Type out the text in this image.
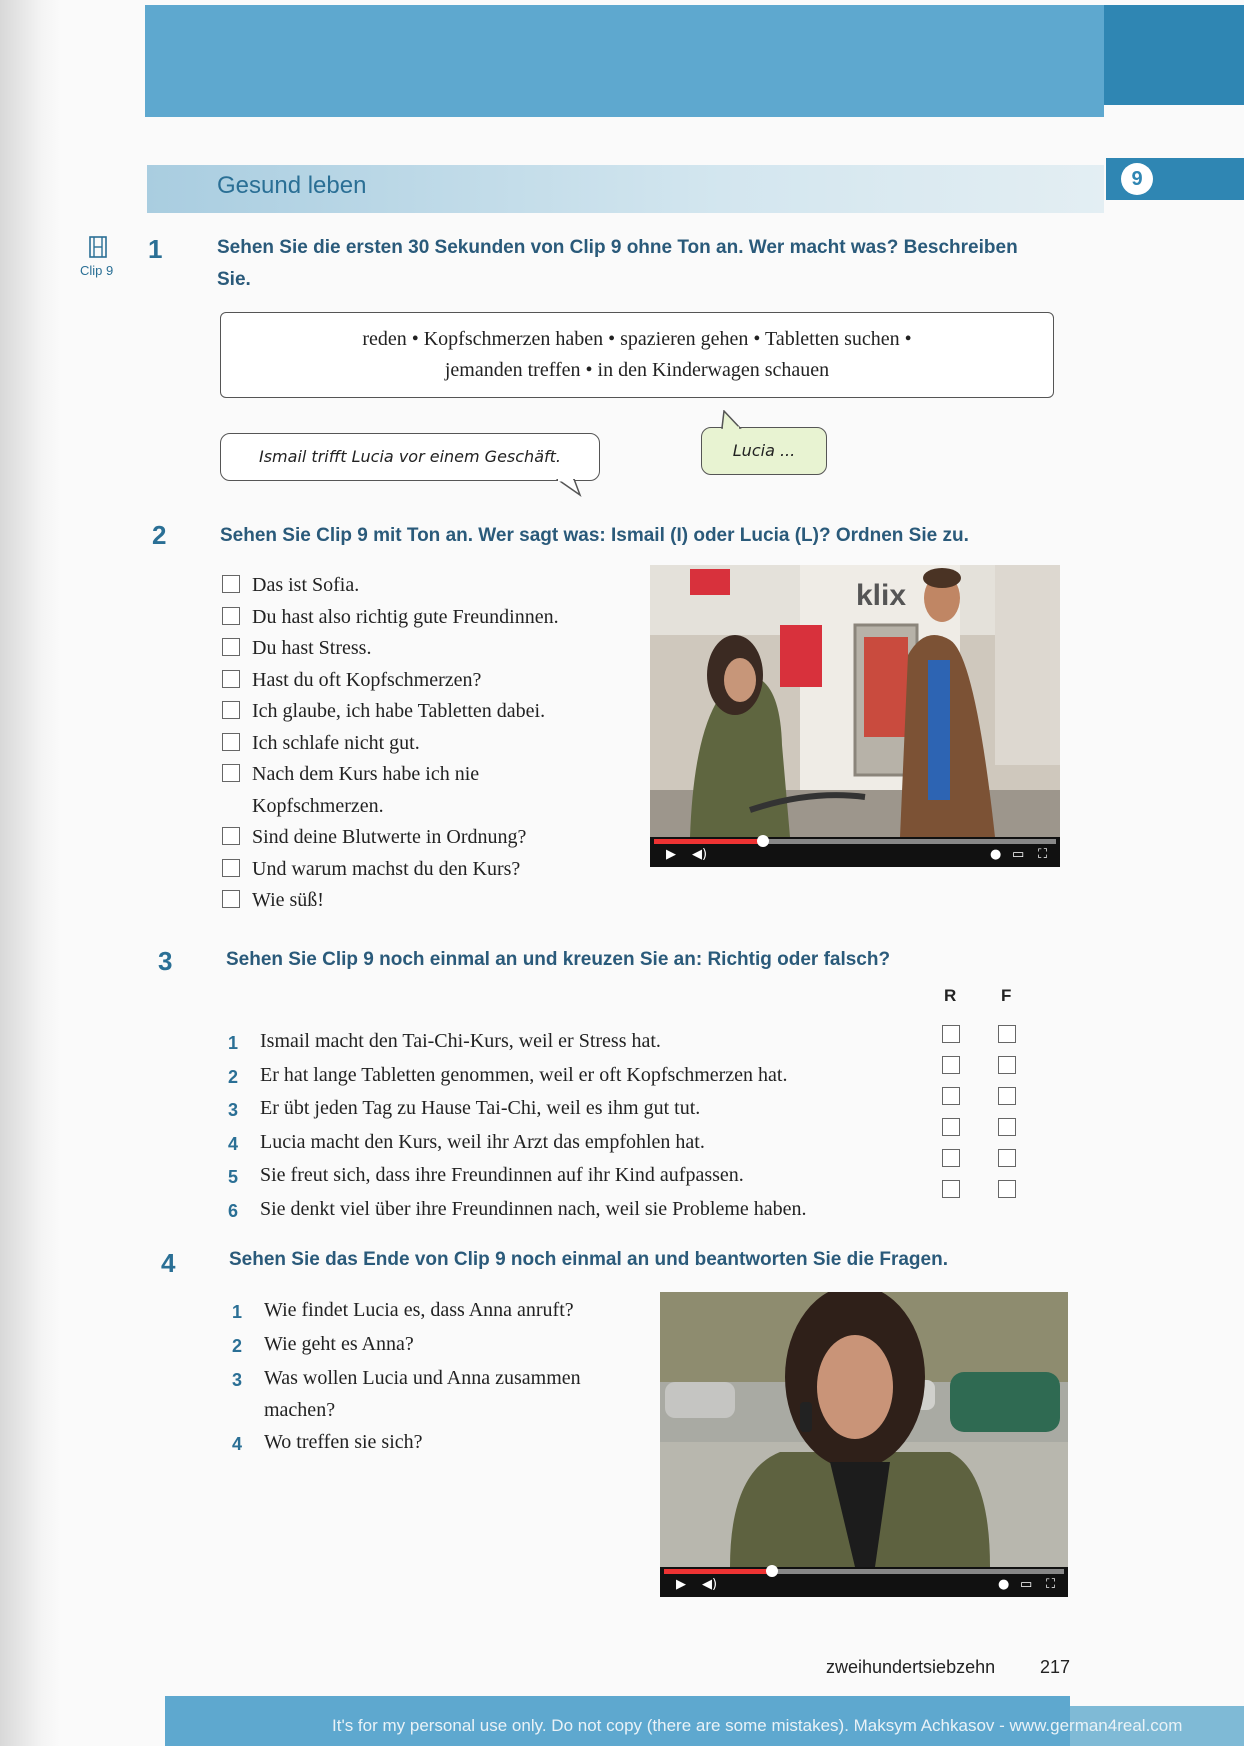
Gesund leben	9
Clip 9
1	Sehen Sie die ersten 30 Sekunden von Clip 9 ohne Ton an. Wer macht was? Beschreiben
Sie.
reden • Kopfschmerzen haben • spazieren gehen • Tabletten suchen •
jemanden treffen • in den Kinderwagen schauen
Ismail trifft Lucia vor einem Geschäft.	Lucia ...
2	Sehen Sie Clip 9 mit Ton an. Wer sagt was: Ismail (I) oder Lucia (L)? Ordnen Sie zu.
Das ist Sofia.
Du hast also richtig gute Freundinnen.
Du hast Stress.
Hast du oft Kopfschmerzen?
Ich glaube, ich habe Tabletten dabei.
Ich schlafe nicht gut.
Nach dem Kurs habe ich nie
Kopfschmerzen.
Sind deine Blutwerte in Ordnung?
Und warum machst du den Kurs?
Wie süß!
klix
▶ ◀)	● ▭ ⛶
3	Sehen Sie Clip 9 noch einmal an und kreuzen Sie an: Richtig oder falsch?
R	F
1	Ismail macht den Tai-Chi-Kurs, weil er Stress hat.
2	Er hat lange Tabletten genommen, weil er oft Kopfschmerzen hat.
3	Er übt jeden Tag zu Hause Tai-Chi, weil es ihm gut tut.
4	Lucia macht den Kurs, weil ihr Arzt das empfohlen hat.
5	Sie freut sich, dass ihre Freundinnen auf ihr Kind aufpassen.
6	Sie denkt viel über ihre Freundinnen nach, weil sie Probleme haben.
4	Sehen Sie das Ende von Clip 9 noch einmal an und beantworten Sie die Fragen.
1	Wie findet Lucia es, dass Anna anruft?
2	Wie geht es Anna?
3	Was wollen Lucia und Anna zusammen
machen?
4	Wo treffen sie sich?
▶ ◀)	● ▭ ⛶
zweihundertsiebzehn 217
It's for my personal use only. Do not copy (there are some mistakes). Maksym Achkasov - www.german4real.com
